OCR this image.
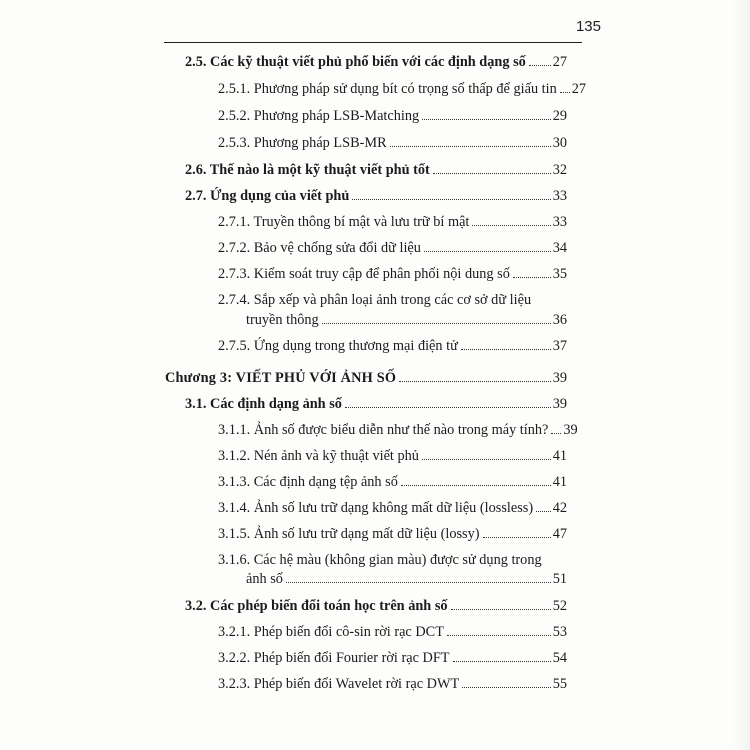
135
2.5. Các kỹ thuật viết phủ phổ biến với các định dạng số 27
2.5.1. Phương pháp sử dụng bít có trọng số thấp để giấu tin 27
2.5.2. Phương pháp LSB-Matching	29
2.5.3. Phương pháp LSB-MR	30
2.6. Thế nào là một kỹ thuật viết phủ tốt	32
2.7. Ứng dụng của viết phủ	33
2.7.1. Truyền thông bí mật và lưu trữ bí mật	33
2.7.2. Bảo vệ chống sửa đổi dữ liệu	34
2.7.3. Kiểm soát truy cập để phân phối nội dung số	35
2.7.4. Sắp xếp và phân loại ảnh trong các cơ sở dữ liệu
truyền thông	36
2.7.5. Ứng dụng trong thương mại điện tử	37
Chương 3: VIẾT PHỦ VỚI ẢNH SỐ	39
3.1. Các định dạng ảnh số	39
3.1.1. Ảnh số được biểu diễn như thế nào trong máy tính? 39
3.1.2. Nén ảnh và kỹ thuật viết phủ	41
3.1.3. Các định dạng tệp ảnh số	41
3.1.4. Ảnh số lưu trữ dạng không mất dữ liệu (lossless) 42
3.1.5. Ảnh số lưu trữ dạng mất dữ liệu (lossy)	47
3.1.6. Các hệ màu (không gian màu) được sử dụng trong
ảnh số	51
3.2. Các phép biến đổi toán học trên ảnh số	52
3.2.1. Phép biến đổi cô-sin rời rạc DCT	53
3.2.2. Phép biến đổi Fourier rời rạc DFT	54
3.2.3. Phép biến đổi Wavelet rời rạc DWT	55
